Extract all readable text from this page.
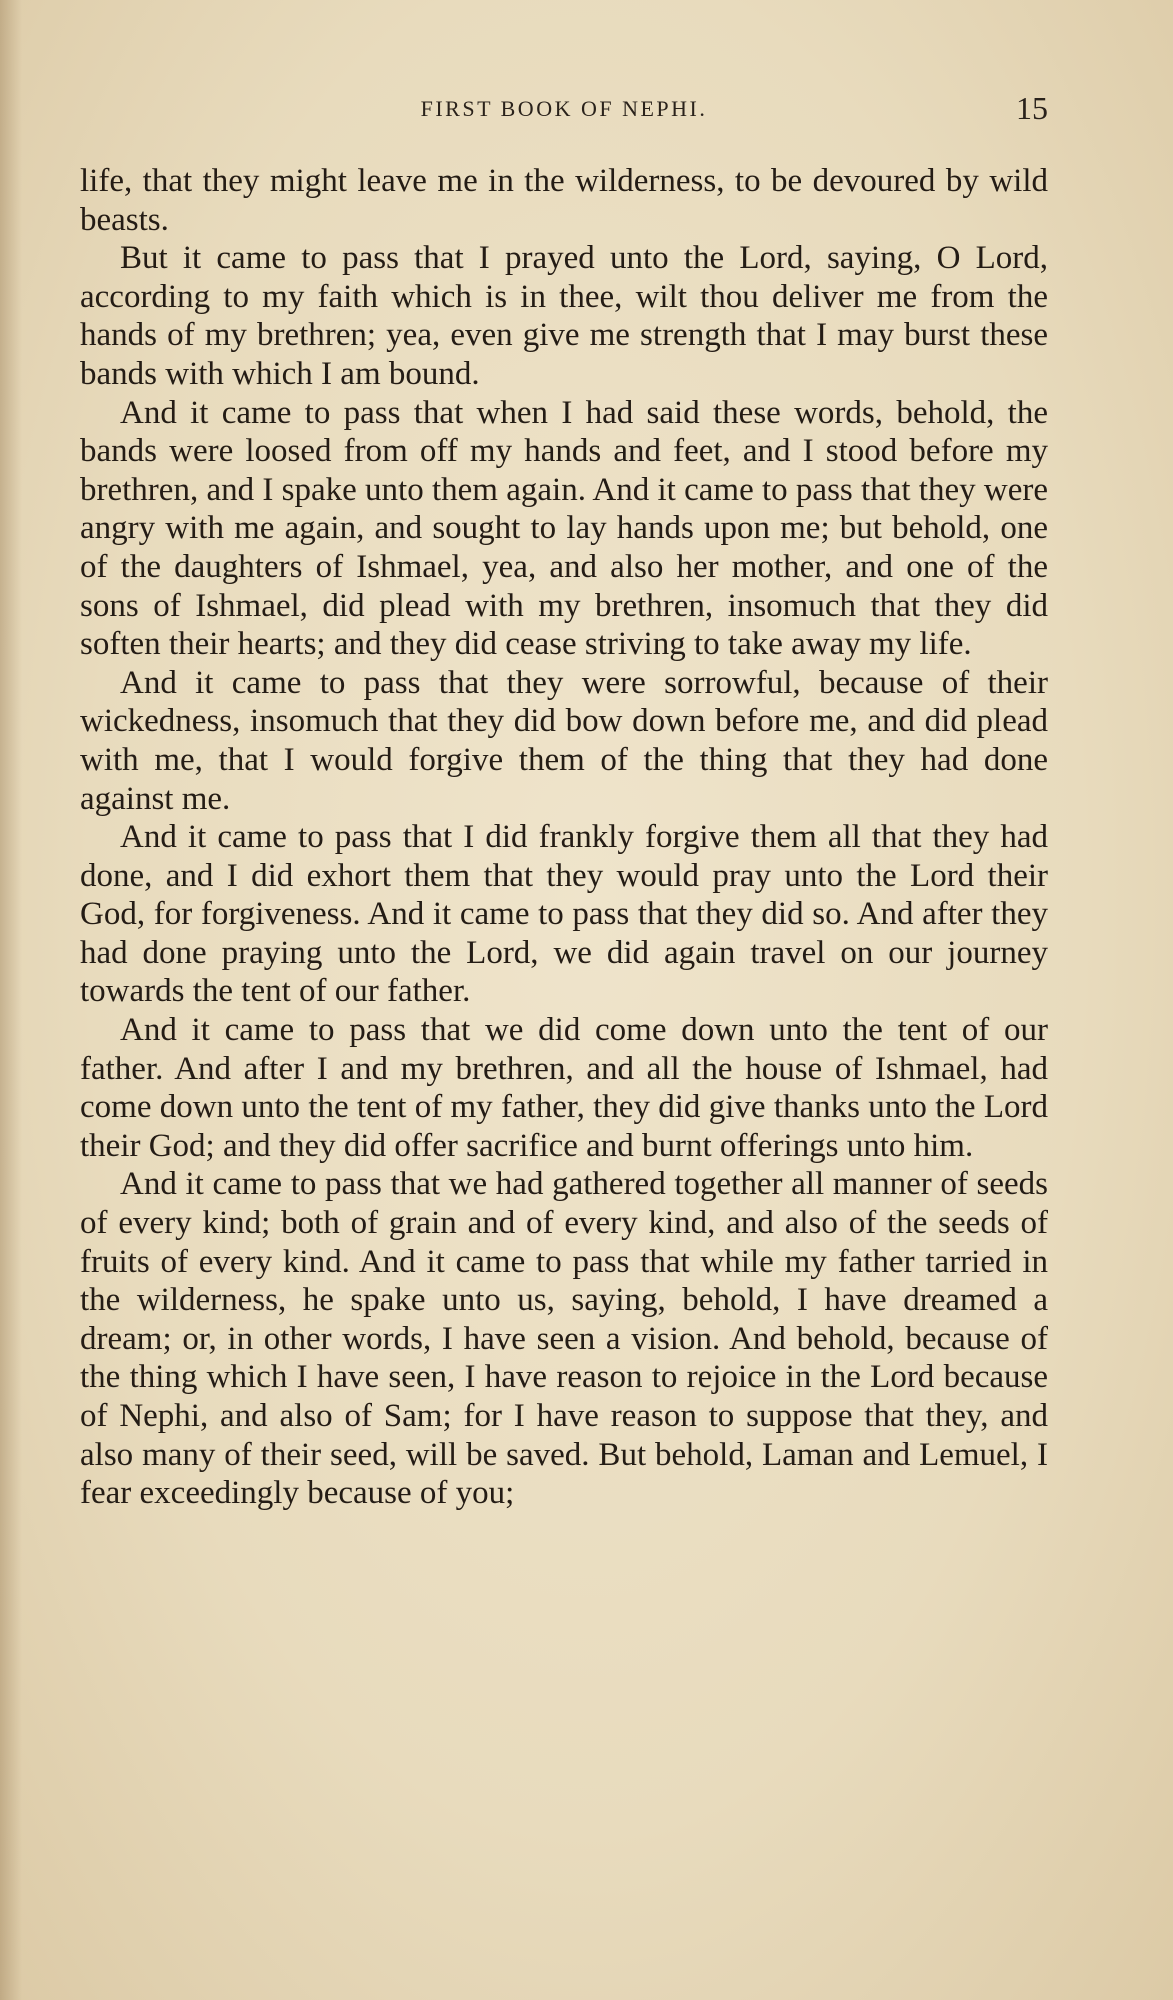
FIRST BOOK OF NEPHI.	15

life, that they might leave me in the wilderness, to be devoured by wild beasts.

But it came to pass that I prayed unto the Lord, saying, O Lord, according to my faith which is in thee, wilt thou deliver me from the hands of my brethren; yea, even give me strength that I may burst these bands with which I am bound.

And it came to pass that when I had said these words, behold, the bands were loosed from off my hands and feet, and I stood before my brethren, and I spake unto them again. And it came to pass that they were angry with me again, and sought to lay hands upon me; but behold, one of the daughters of Ishmael, yea, and also her mother, and one of the sons of Ishmael, did plead with my brethren, insomuch that they did soften their hearts; and they did cease striving to take away my life.

And it came to pass that they were sorrowful, because of their wickedness, insomuch that they did bow down before me, and did plead with me, that I would forgive them of the thing that they had done against me.

And it came to pass that I did frankly forgive them all that they had done, and I did exhort them that they would pray unto the Lord their God, for forgiveness. And it came to pass that they did so. And after they had done praying unto the Lord, we did again travel on our journey towards the tent of our father.

And it came to pass that we did come down unto the tent of our father. And after I and my brethren, and all the house of Ishmael, had come down unto the tent of my father, they did give thanks unto the Lord their God; and they did offer sacrifice and burnt offerings unto him.

And it came to pass that we had gathered together all manner of seeds of every kind; both of grain and of every kind, and also of the seeds of fruits of every kind. And it came to pass that while my father tarried in the wilderness, he spake unto us, saying, behold, I have dreamed a dream; or, in other words, I have seen a vision. And behold, because of the thing which I have seen, I have reason to rejoice in the Lord because of Nephi, and also of Sam; for I have reason to suppose that they, and also many of their seed, will be saved. But behold, Laman and Lemuel, I fear exceedingly because of you;
